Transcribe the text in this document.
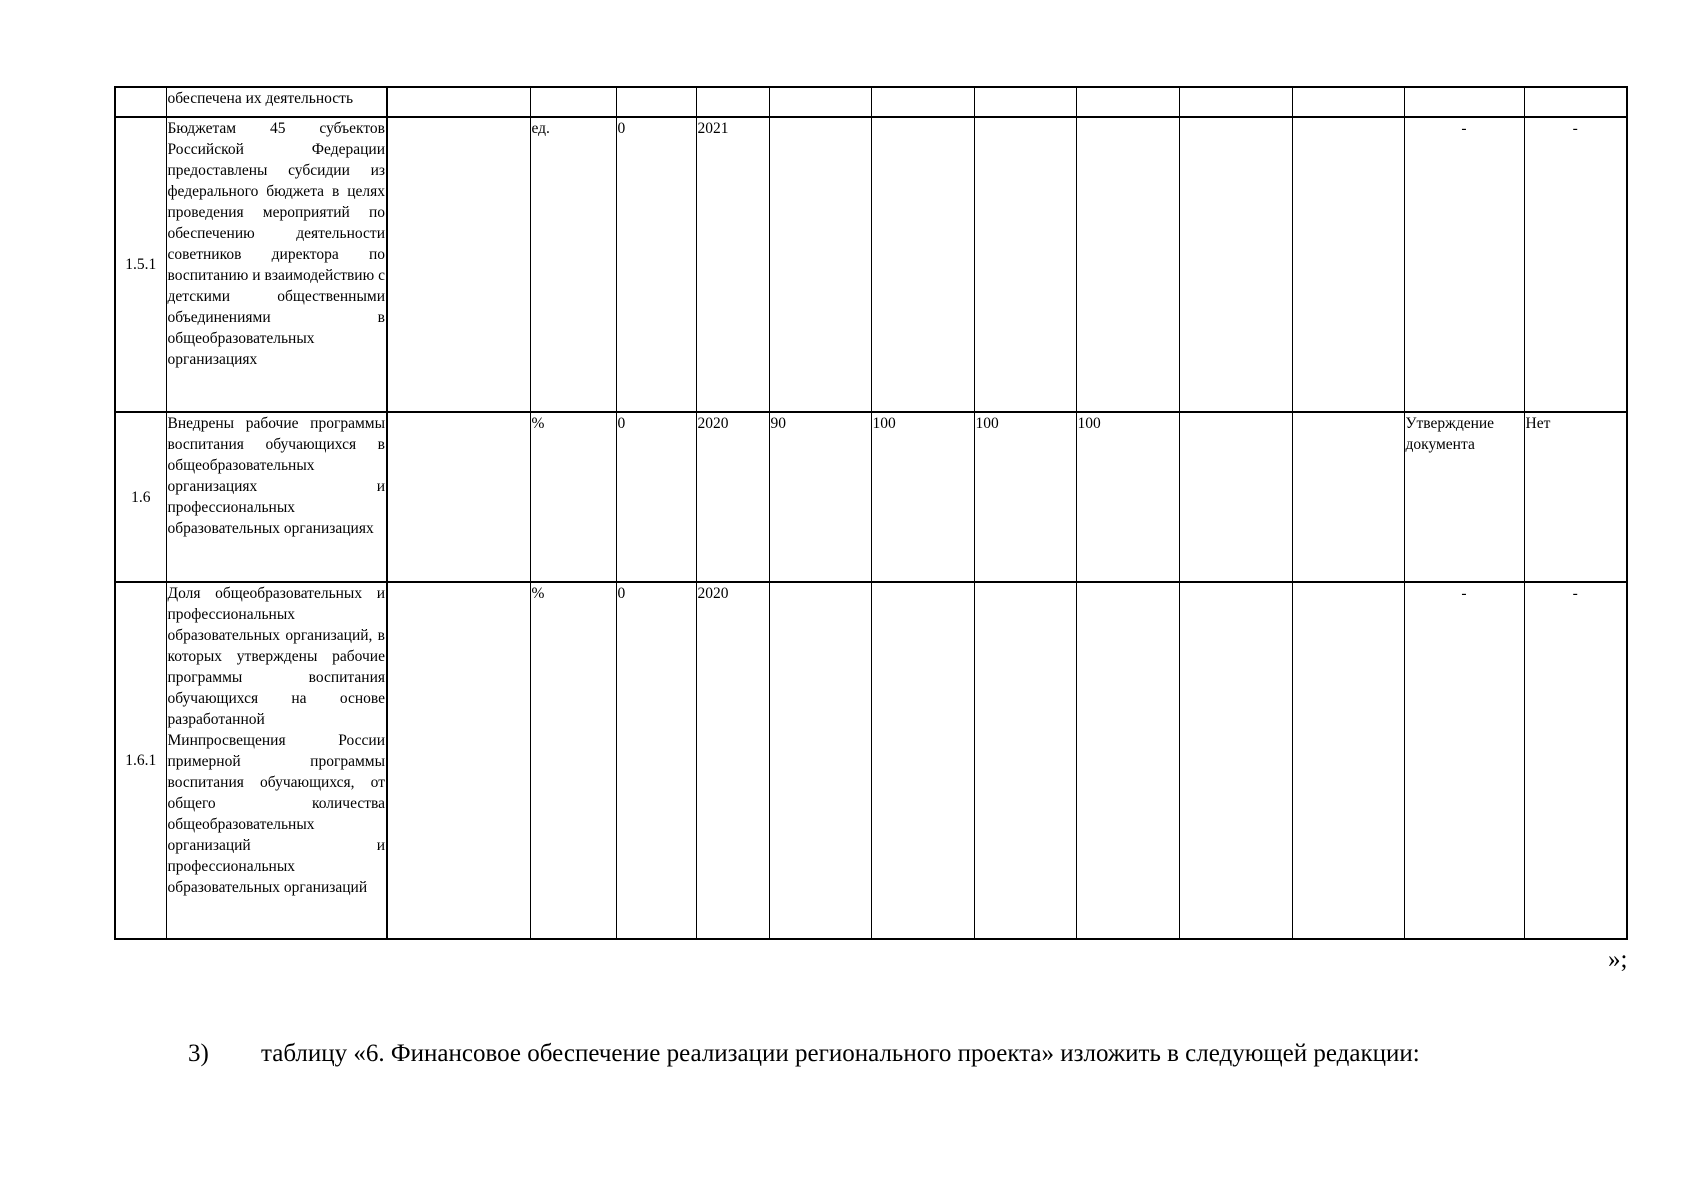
	обеспечена их деятельность												
1.5.1	Бюджетам 45 субъектов Российской Федерации предоставлены субсидии из федерального бюджета в целях проведения мероприятий по обеспечению деятельности советников директора по воспитанию и взаимодействию с детскими общественными объединениями в общеобразовательных организациях		ед.	0	2021							-	-
1.6	Внедрены рабочие программы воспитания обучающихся в общеобразовательных организациях и профессиональных образовательных организациях		%	0	2020	90	100	100	100			Утверждение документа	Нет
1.6.1	Доля общеобразовательных и профессиональных образовательных организаций, в которых утверждены рабочие программы воспитания обучающихся на основе разработанной Минпросвещения России примерной программы воспитания обучающихся, от общего количества общеобразовательных организаций и профессиональных образовательных организаций		%	0	2020							-	-
»;
3) таблицу «6. Финансовое обеспечение реализации регионального проекта» изложить в следующей редакции:
